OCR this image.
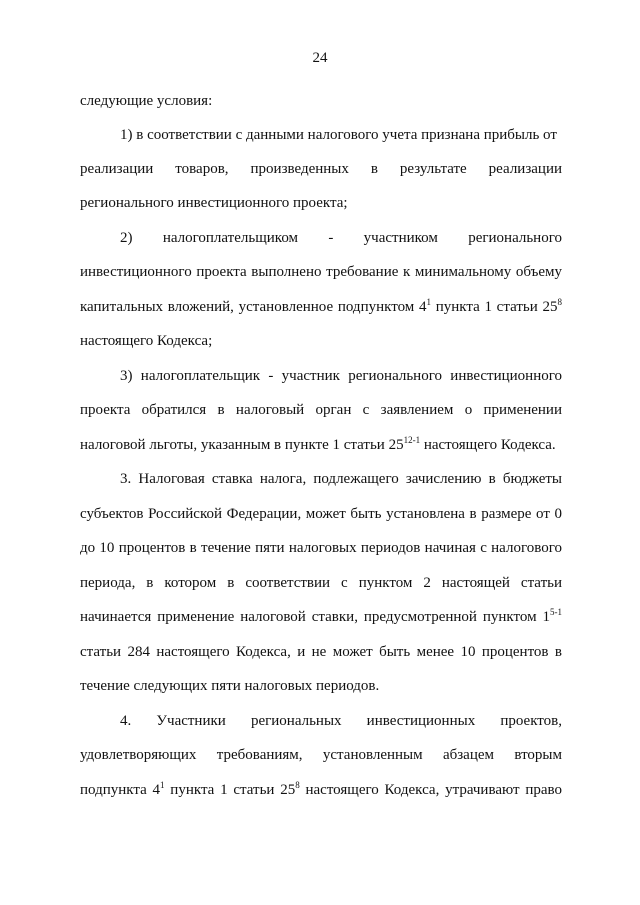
24
следующие условия:
1) в соответствии с данными налогового учета признана прибыль от
реализации товаров, произведенных в результате реализации
регионального инвестиционного проекта;
2) налогоплательщиком - участником регионального
инвестиционного проекта выполнено требование к минимальному объему
капитальных вложений, установленное подпунктом $4^1$ пункта 1 статьи $25^8$
настоящего Кодекса;
3) налогоплательщик - участник регионального инвестиционного
проекта обратился в налоговый орган с заявлением о применении
налоговой льготы, указанным в пункте 1 статьи 25$^{12-1}$ настоящего Кодекса.
3. Налоговая ставка налога, подлежащего зачислению в бюджеты
субъектов Российской Федерации, может быть установлена в размере от 0
до 10 процентов в течение пяти налоговых периодов начиная с налогового
периода, в котором в соответствии с пунктом 2 настоящей статьи
начинается применение налоговой ставки, предусмотренной пунктом 1$^{5-1}$
статьи 284 настоящего Кодекса, и не может быть менее 10 процентов в
течение следующих пяти налоговых периодов.
4. Участники региональных инвестиционных проектов,
удовлетворяющих требованиям, установленным абзацем вторым
подпункта $4^1$ пункта 1 статьи $25^8$ настоящего Кодекса, утрачивают право
